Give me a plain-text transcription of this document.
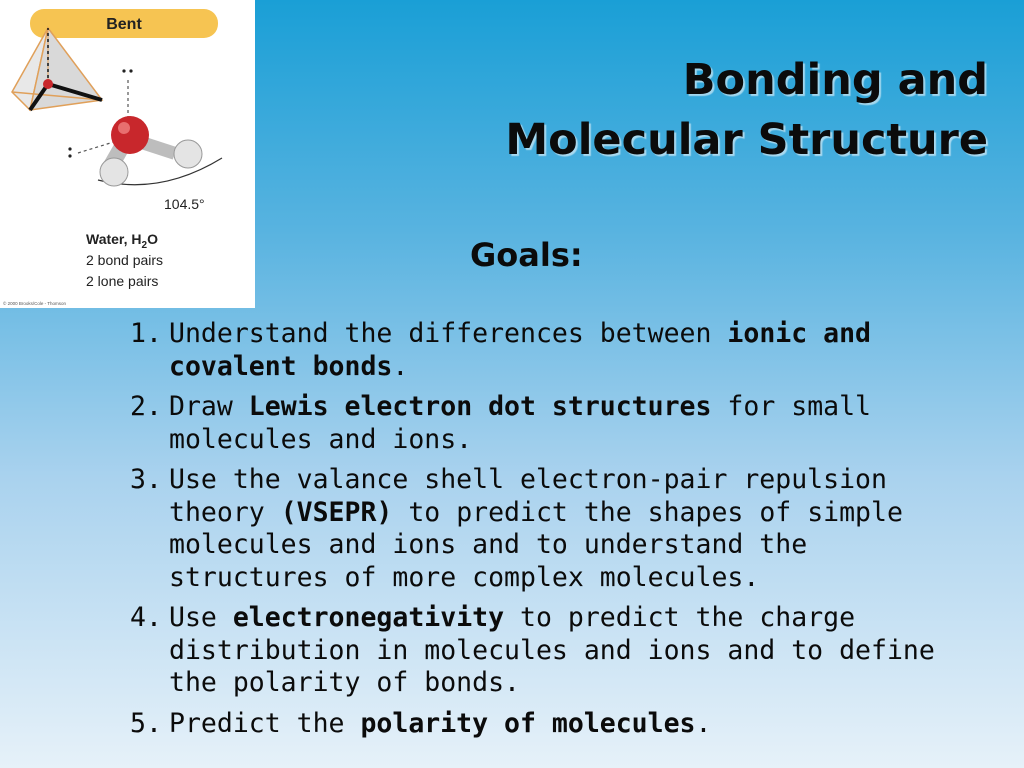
Bent
104.5°
Water, $H_2O$
2 bond pairs
2 lone pairs
© 2000 Brooks/Cole - Thomson
Bonding and
Molecular Structure
Goals:
1. Understand the differences between ionic and covalent bonds.
2. Draw Lewis electron dot structures for small molecules and ions.
3. Use the valance shell electron-pair repulsion theory (VSEPR) to predict the shapes of simple molecules and ions and to understand the structures of more complex molecules.
4. Use electronegativity to predict the charge distribution in molecules and ions and to define the polarity of bonds.
5. Predict the polarity of molecules.
